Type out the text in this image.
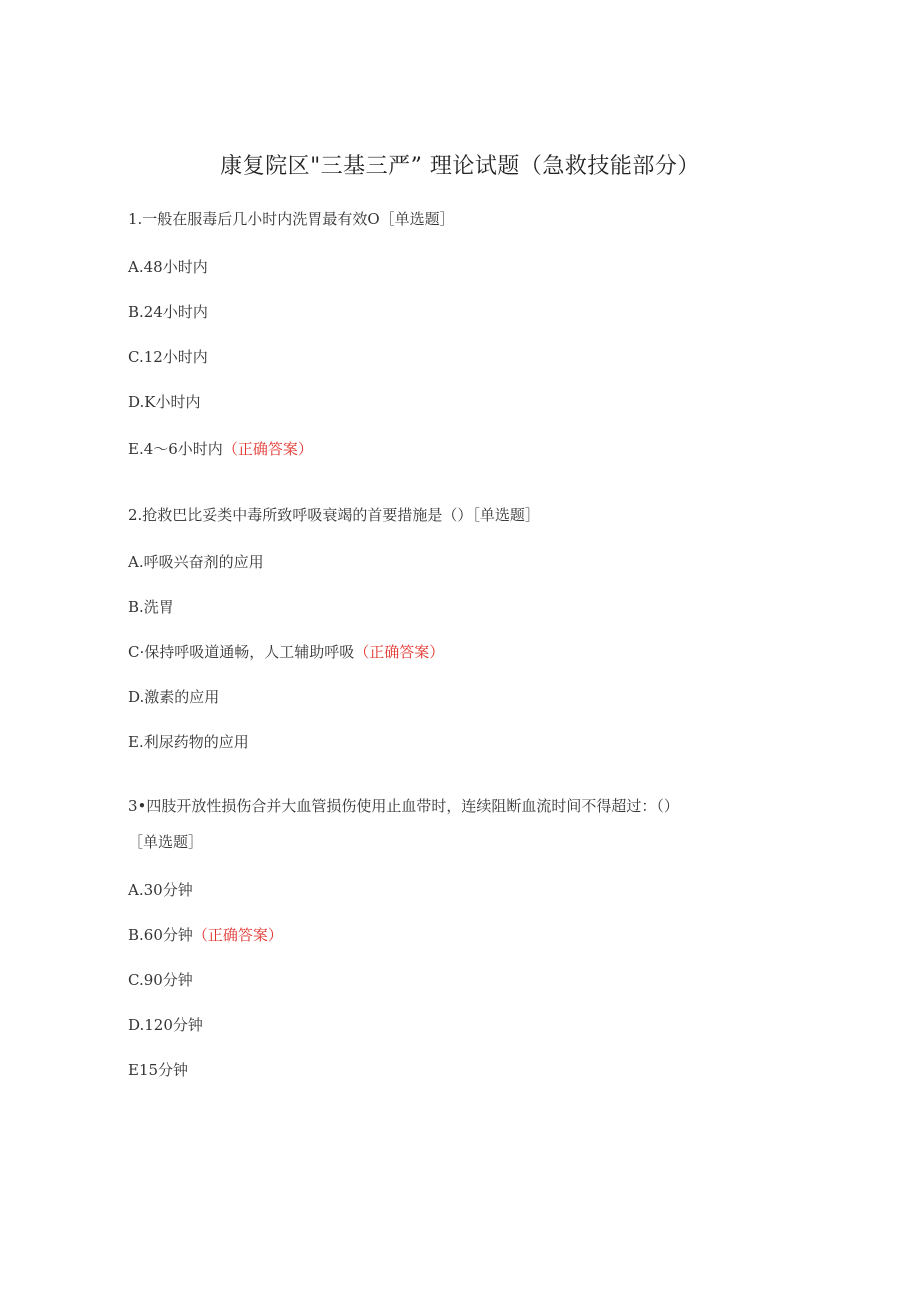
康复院区"三基三严” 理论试题（急救技能部分）
1.一般在服毒后几小时内洗胃最有效O［单选题］
A.48小时内
B.24小时内
C.12小时内
D.K小时内
E.4〜6小时内（正确答案）
2.抢救巴比妥类中毒所致呼吸衰竭的首要措施是（）［单选题］
A.呼吸兴奋剂的应用
B.洗胃
C·保持呼吸道通畅，人工辅助呼吸（正确答案）
D.激素的应用
E.利尿药物的应用
3•四肢开放性损伤合并大血管损伤使用止血带时，连续阻断血流时间不得超过：（）
［单选题］
A.30分钟
B.60分钟（正确答案）
C.90分钟
D.120分钟
E15分钟
